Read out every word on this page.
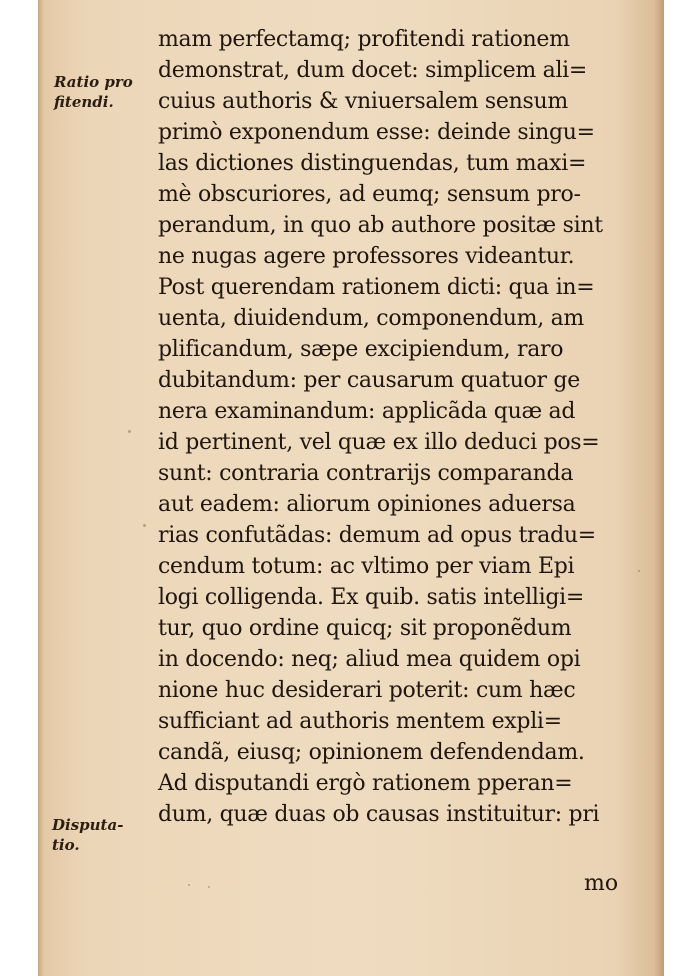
Ratio pro
fitendi.
Disputa-
tio.
mam perfectamq; profitendi rationem
demonstrat, dum docet: simplicem ali=
cuius authoris & vniuersalem sensum
primò exponendum esse: deinde singu=
las dictiones distinguendas, tum maxi=
mè obscuriores, ad eumq; sensum pro-
perandum, in quo ab authore positæ sint
ne nugas agere professores videantur.
Post querendam rationem dicti: qua in=
uenta, diuidendum, componendum, am
plificandum, sæpe excipiendum, raro
dubitandum: per causarum quatuor ge
nera examinandum: applicãda quæ ad
id pertinent, vel quæ ex illo deduci pos=
sunt: contraria contrarijs comparanda
aut eadem: aliorum opiniones aduersa
rias confutãdas: demum ad opus tradu=
cendum totum: ac vltimo per viam Epi
logi colligenda. Ex quib. satis intelligi=
tur, quo ordine quicq; sit proponẽdum
in docendo: neq; aliud mea quidem opi
nione huc desiderari poterit: cum hæc
sufficiant ad authoris mentem expli=
candã, eiusq; opinionem defendendam.
Ad disputandi ergò rationem pperan=
dum, quæ duas ob causas instituitur: pri
mo
